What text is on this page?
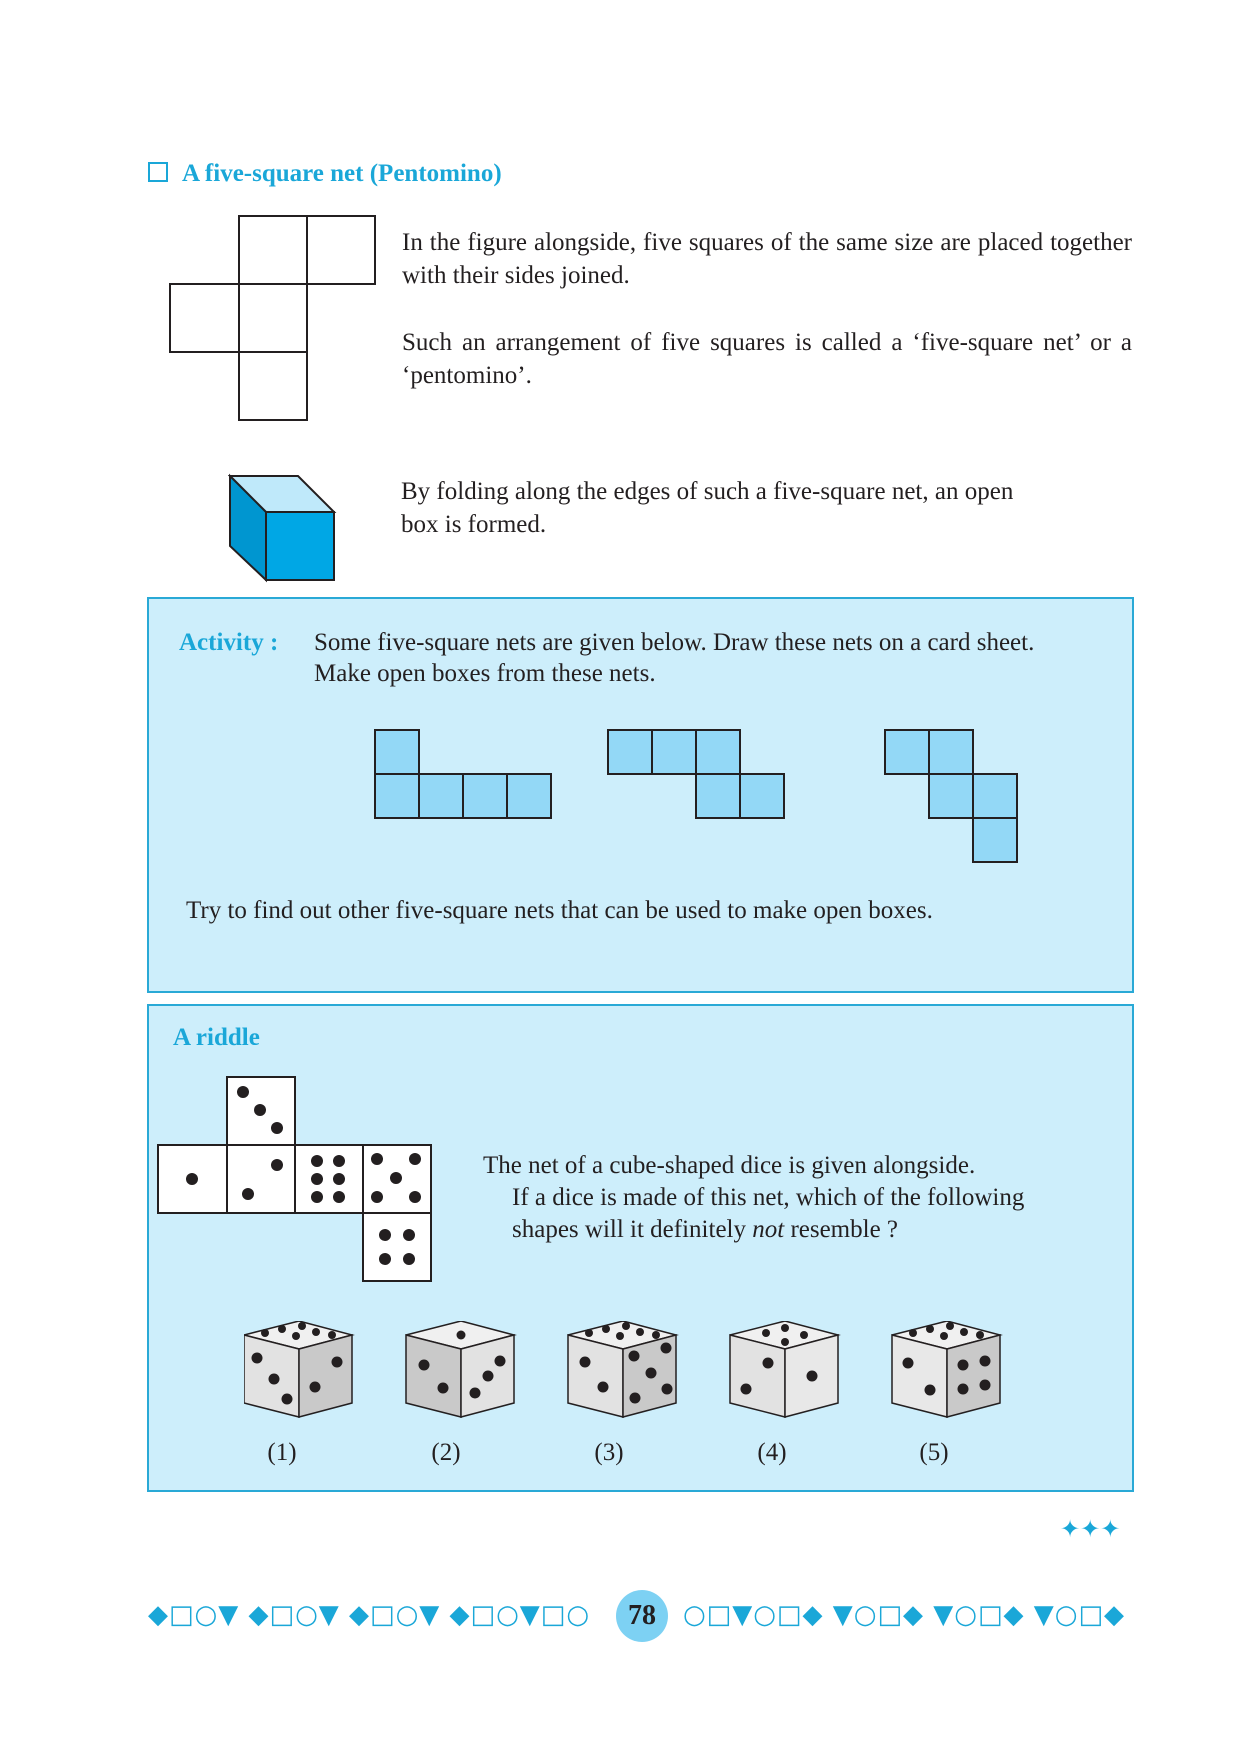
A five-square net (Pentomino)
In the figure alongside, five squares of the same size are placed together with their sides joined.
Such an arrangement of five squares is called a ‘five-square net’ or a ‘pentomino’.
By folding along the edges of such a five-square net, an open box is formed.
Activity : Some five-square nets are given below. Draw these nets on a card sheet.
Make open boxes from these nets.
Try to find out other five-square nets that can be used to make open boxes.
A riddle
The net of a cube-shaped dice is given alongside.
If a dice is made of this net, which of the following
shapes will it definitely not resemble ?
(1)	(2)	(3)	(4)	(5)
✦✦✦
◆□○▼ ◆□○▼ ◆□○▼ ◆□○▼□○	78	○□▼○□◆ ▼○□◆ ▼○□◆ ▼○□◆
